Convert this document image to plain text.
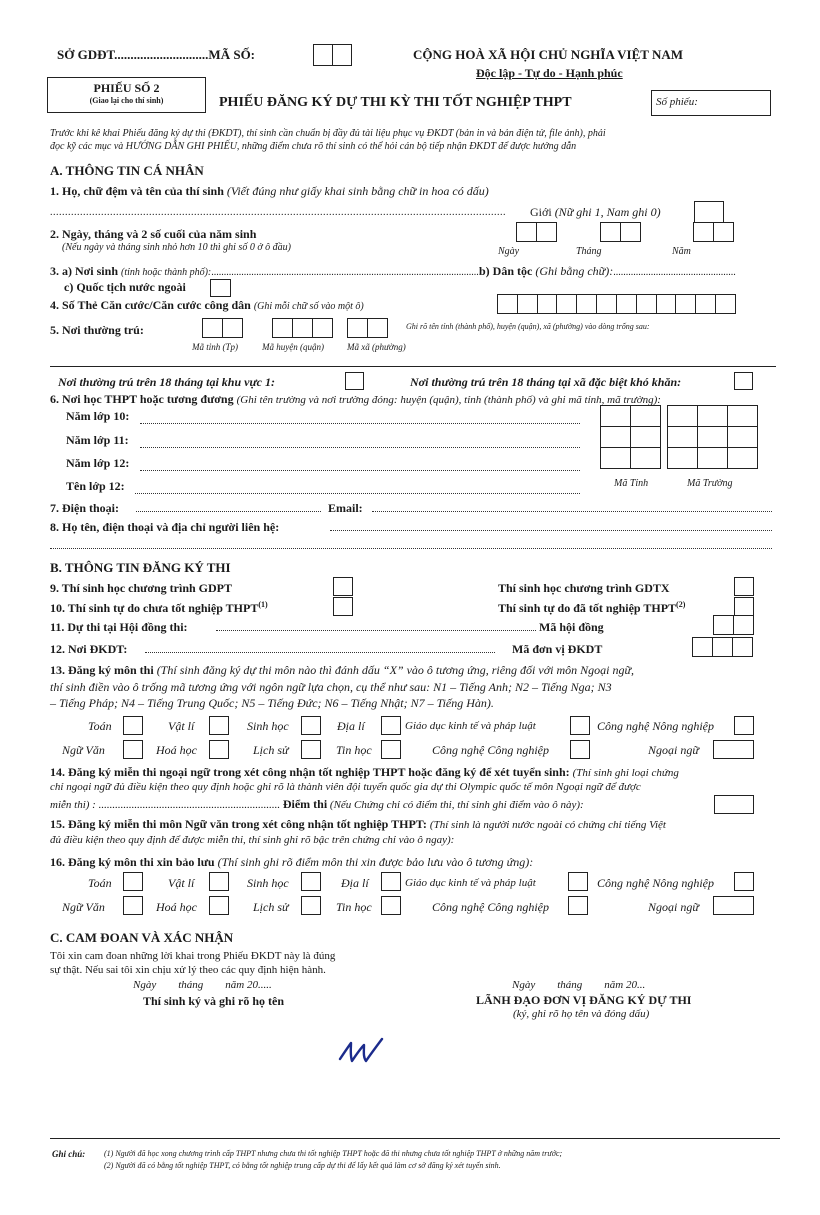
SỞ GDĐT.............................MÃ SỐ:	CỘNG HOÀ XÃ HỘI CHỦ NGHĨA VIỆT NAM
Độc lập - Tự do - Hạnh phúc
PHIẾU SỐ 2
(Giao lại cho thí sinh)	PHIẾU ĐĂNG KÝ DỰ THI KỲ THI TỐT NGHIỆP THPT	Số phiếu:
Trước khi kê khai Phiếu đăng ký dự thi (ĐKDT), thí sinh cần chuẩn bị đầy đủ tài liệu phục vụ ĐKDT (bản in và bản điện tử, file ảnh), phải
đọc kỹ các mục và HƯỚNG DẪN GHI PHIẾU, những điểm chưa rõ thí sinh có thể hỏi cán bộ tiếp nhận ĐKDT để được hướng dẫn
A. THÔNG TIN CÁ NHÂN
1. Họ, chữ đệm và tên của thí sinh (Viết đúng như giấy khai sinh bằng chữ in hoa có dấu)
........................................................................................................................................................	Giới (Nữ ghi 1, Nam ghi 0)
2. Ngày, tháng và 2 số cuối của năm sinh
(Nếu ngày và tháng sinh nhỏ hơn 10 thì ghi số 0 ở ô đầu)	Ngày	Tháng	Năm
3. a) Nơi sinh (tỉnh hoặc thành phố):............................................................................................................
b) Dân tộc (Ghi bằng chữ):.................................................
c) Quốc tịch nước ngoài
4. Số Thẻ Căn cước/Căn cước công dân (Ghi mỗi chữ số vào một ô)
5. Nơi thường trú:	Ghi rõ tên tỉnh (thành phố), huyện (quận), xã (phường) vào dòng trống sau:
Mã tỉnh (Tp)	Mã huyện (quận)	Mã xã (phường)
Nơi thường trú trên 18 tháng tại khu vực 1:	Nơi thường trú trên 18 tháng tại xã đặc biệt khó khăn:
6. Nơi học THPT hoặc tương đương (Ghi tên trường và nơi trường đóng: huyện (quận), tỉnh (thành phố) và ghi mã tỉnh, mã trường):
Năm lớp 10:
Năm lớp 11:
Năm lớp 12:
Tên lớp 12:

						Mã Tỉnh	Mã Trường
7. Điện thoại:	Email:
8. Họ tên, điện thoại và địa chỉ người liên hệ:
B. THÔNG TIN ĐĂNG KÝ THI
9. Thí sinh học chương trình GDPT	Thí sinh học chương trình GDTX
10. Thí sinh tự do chưa tốt nghiệp THPT$^{(1)}$	Thí sinh tự do đã tốt nghiệp THPT$^{(2)}$
11. Dự thi tại Hội đồng thi:	Mã hội đồng
12. Nơi ĐKDT:	Mã đơn vị ĐKDT
13. Đăng ký môn thi (Thí sinh đăng ký dự thi môn nào thì đánh dấu “X” vào ô tương ứng, riêng đối với môn Ngoại ngữ,
thí sinh điền vào ô trống mã tương ứng với ngôn ngữ lựa chọn, cụ thể như sau: N1 – Tiếng Anh; N2 – Tiếng Nga; N3
– Tiếng Pháp; N4 – Tiếng Trung Quốc; N5 – Tiếng Đức; N6 – Tiếng Nhật; N7 – Tiếng Hàn).
Toán	Vật lí	Sinh học	Địa lí	Giáo dục kinh tế và pháp luật	Công nghệ Nông nghiệp
Ngữ Văn	Hoá học	Lịch sử	Tin học	Công nghệ Công nghiệp	Ngoại ngữ
14. Đăng ký miễn thi ngoại ngữ trong xét công nhận tốt nghiệp THPT hoặc đăng ký để xét tuyển sinh: (Thí sinh ghi loại chứng
chỉ ngoại ngữ đủ điều kiện theo quy định hoặc ghi rõ là thành viên đội tuyển quốc gia dự thi Olympic quốc tế môn Ngoại ngữ để được
miễn thi) : .................................................................. Điểm thi (Nếu Chứng chỉ có điểm thi, thí sinh ghi điểm vào ô này):
15. Đăng ký miễn thi môn Ngữ văn trong xét công nhận tốt nghiệp THPT: (Thí sinh là người nước ngoài có chứng chỉ tiếng Việt
đủ điều kiện theo quy định để được miễn thi, thí sinh ghi rõ bậc trên chứng chỉ vào ô ngay):
16. Đăng ký môn thi xin bảo lưu (Thí sinh ghi rõ điểm môn thi xin được bảo lưu vào ô tương ứng):
Toán	Vật lí	Sinh học	Địa lí	Giáo dục kinh tế và pháp luật	Công nghệ Nông nghiệp
Ngữ Văn	Hoá học	Lịch sử	Tin học	Công nghệ Công nghiệp	Ngoại ngữ
C. CAM ĐOAN VÀ XÁC NHẬN
Tôi xin cam đoan những lời khai trong Phiếu ĐKDT này là đúng
sự thật. Nếu sai tôi xin chịu xử lý theo các quy định hiện hành.
Ngày        tháng        năm 20.....
Thí sinh ký và ghi rõ họ tên
Ngày        tháng        năm 20...
LÃNH ĐẠO ĐƠN VỊ ĐĂNG KÝ DỰ THI
(ký, ghi rõ họ tên và đóng dấu)
Ghi chú: (1) Người đã học xong chương trình cấp THPT nhưng chưa thi tốt nghiệp THPT hoặc đã thi nhưng chưa tốt nghiệp THPT ở những năm trước;
(2) Người đã có bằng tốt nghiệp THPT, có bằng tốt nghiệp trung cấp dự thi để lấy kết quả làm cơ sở đăng ký xét tuyển sinh.
